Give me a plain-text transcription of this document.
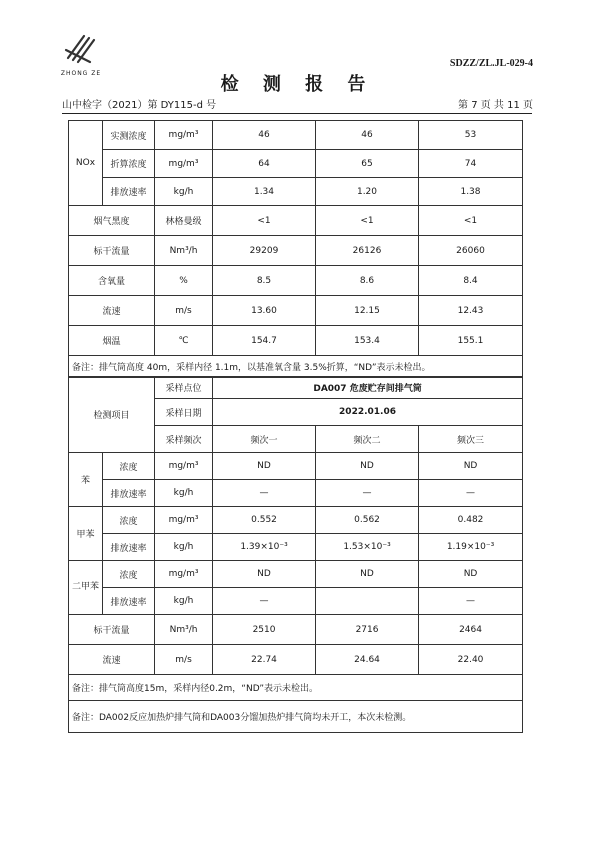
ZHONG ZE
SDZZ/ZL.JL-029-4
检 测 报 告
山中检字（2021）第 DY115-d 号	第 7 页 共 11 页
NOx	实测浓度	mg/m³	46	46	53
	折算浓度	mg/m³	64	65	74
	排放速率	kg/h	1.34	1.20	1.38
烟气黑度		林格曼级	<1	<1	<1
标干流量		Nm³/h	29209	26126	26060
含氧量		%	8.5	8.6	8.4
流速		m/s	13.60	12.15	12.43
烟温		℃	154.7	153.4	155.1
备注：排气筒高度 40m，采样内径 1.1m，以基准氧含量 3.5%折算，“ND”表示未检出。					
检测项目		采样点位	DA007 危废贮存间排气筒		
		采样日期	2022.01.06		
		采样频次	频次一	频次二	频次三
苯	浓度	mg/m³	ND	ND	ND
	排放速率	kg/h	—	—	—
甲苯	浓度	mg/m³	0.552	0.562	0.482
	排放速率	kg/h	1.39×10⁻³	1.53×10⁻³	1.19×10⁻³
二甲苯	浓度	mg/m³	ND	ND	ND
	排放速率	kg/h	—		—
标干流量		Nm³/h	2510	2716	2464
流速		m/s	22.74	24.64	22.40
备注：排气筒高度15m，采样内径0.2m，“ND”表示未检出。					
备注：DA002反应加热炉排气筒和DA003分馏加热炉排气筒均未开工，本次未检测。					
